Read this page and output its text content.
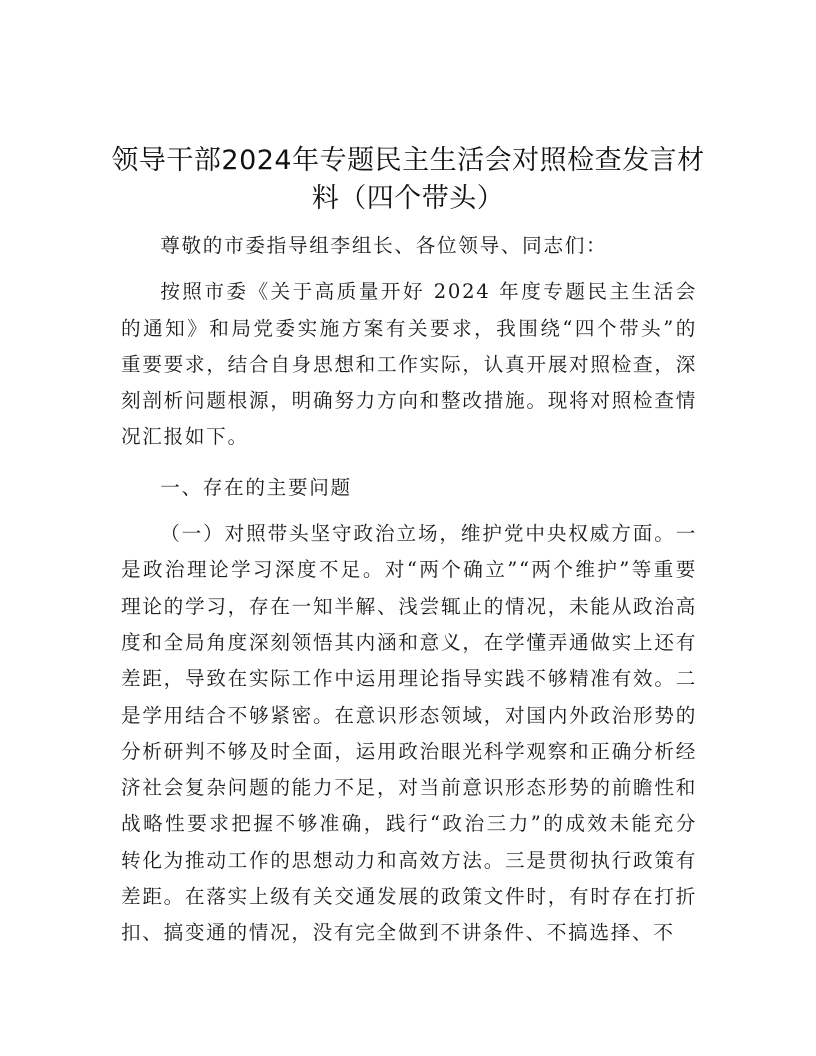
领导干部2024年专题民主生活会对照检查发言材料（四个带头）

尊敬的市委指导组李组长、各位领导、同志们：

按照市委《关于高质量开好 2024 年度专题民主生活会的通知》和局党委实施方案有关要求，我围绕“四个带头”的重要要求，结合自身思想和工作实际，认真开展对照检查，深刻剖析问题根源，明确努力方向和整改措施。现将对照检查情况汇报如下。

一、存在的主要问题

（一）对照带头坚守政治立场，维护党中央权威方面。一是政治理论学习深度不足。对“两个确立”“两个维护”等重要理论的学习，存在一知半解、浅尝辄止的情况，未能从政治高度和全局角度深刻领悟其内涵和意义，在学懂弄通做实上还有差距，导致在实际工作中运用理论指导实践不够精准有效。二是学用结合不够紧密。在意识形态领域，对国内外政治形势的分析研判不够及时全面，运用政治眼光科学观察和正确分析经济社会复杂问题的能力不足，对当前意识形态形势的前瞻性和战略性要求把握不够准确，践行“政治三力”的成效未能充分转化为推动工作的思想动力和高效方法。三是贯彻执行政策有差距。在落实上级有关交通发展的政策文件时，有时存在打折扣、搞变通的情况，没有完全做到不讲条件、不搞选择、不
